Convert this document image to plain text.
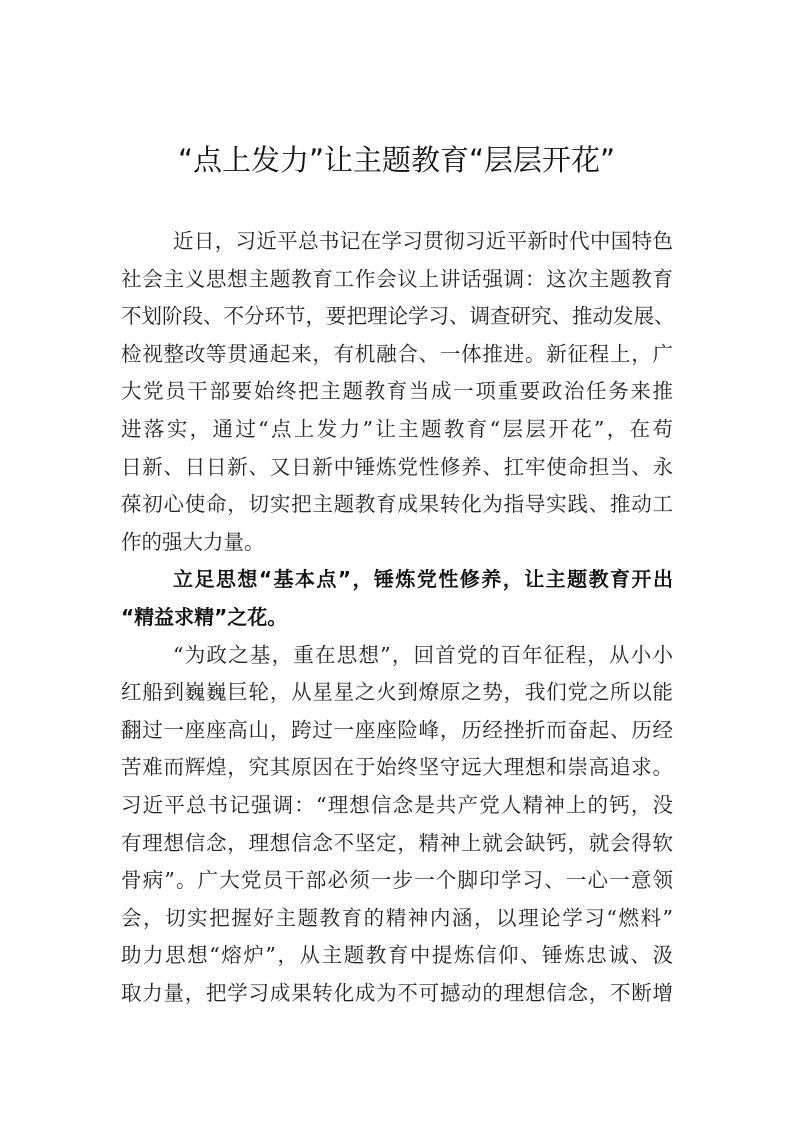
“点上发力”让主题教育“层层开花”
近日，习近平总书记在学习贯彻习近平新时代中国特色
社会主义思想主题教育工作会议上讲话强调：这次主题教育
不划阶段、不分环节，要把理论学习、调查研究、推动发展、
检视整改等贯通起来，有机融合、一体推进。新征程上，广
大党员干部要始终把主题教育当成一项重要政治任务来推
进落实，通过“点上发力”让主题教育“层层开花”，在苟
日新、日日新、又日新中锤炼党性修养、扛牢使命担当、永
葆初心使命，切实把主题教育成果转化为指导实践、推动工
作的强大力量。
立足思想“基本点”，锤炼党性修养，让主题教育开出
“精益求精”之花。
“为政之基，重在思想”，回首党的百年征程，从小小
红船到巍巍巨轮，从星星之火到燎原之势，我们党之所以能
翻过一座座高山，跨过一座座险峰，历经挫折而奋起、历经
苦难而辉煌，究其原因在于始终坚守远大理想和崇高追求。
习近平总书记强调：“理想信念是共产党人精神上的钙，没
有理想信念，理想信念不坚定，精神上就会缺钙，就会得软
骨病”。广大党员干部必须一步一个脚印学习、一心一意领
会，切实把握好主题教育的精神内涵，以理论学习“燃料”
助力思想“熔炉”，从主题教育中提炼信仰、锤炼忠诚、汲
取力量，把学习成果转化成为不可撼动的理想信念，不断增
